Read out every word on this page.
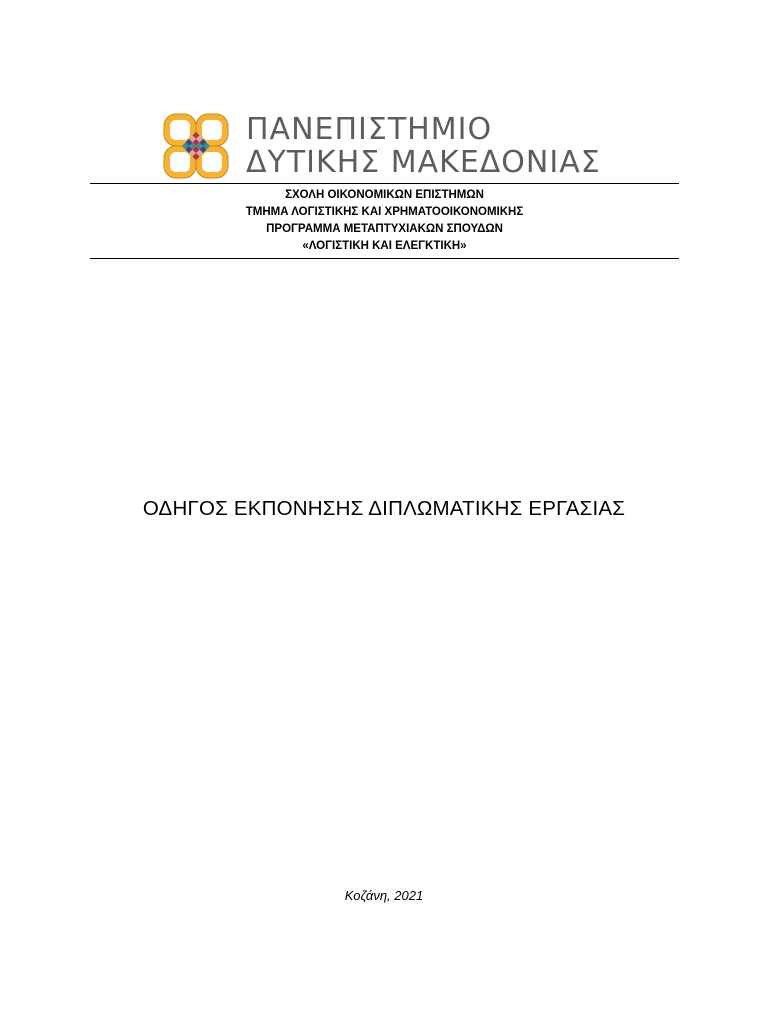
ΠΑΝΕΠΙΣΤΗΜΙΟ
ΔΥΤΙΚΗΣ ΜΑΚΕΔΟΝΙΑΣ
ΣΧΟΛΗ ΟΙΚΟΝΟΜΙΚΩΝ ΕΠΙΣΤΗΜΩΝ
ΤΜΗΜΑ ΛΟΓΙΣΤΙΚΗΣ ΚΑΙ ΧΡΗΜΑΤΟΟΙΚΟΝΟΜΙΚΗΣ
ΠΡΟΓΡΑΜΜΑ ΜΕΤΑΠΤΥΧΙΑΚΩΝ ΣΠΟΥΔΩΝ
«ΛΟΓΙΣΤΙΚΗ ΚΑΙ ΕΛΕΓΚΤΙΚΗ»
ΟΔΗΓΟΣ ΕΚΠΟΝΗΣΗΣ ΔΙΠΛΩΜΑΤΙΚΗΣ ΕΡΓΑΣΙΑΣ
Κοζάνη, 2021
